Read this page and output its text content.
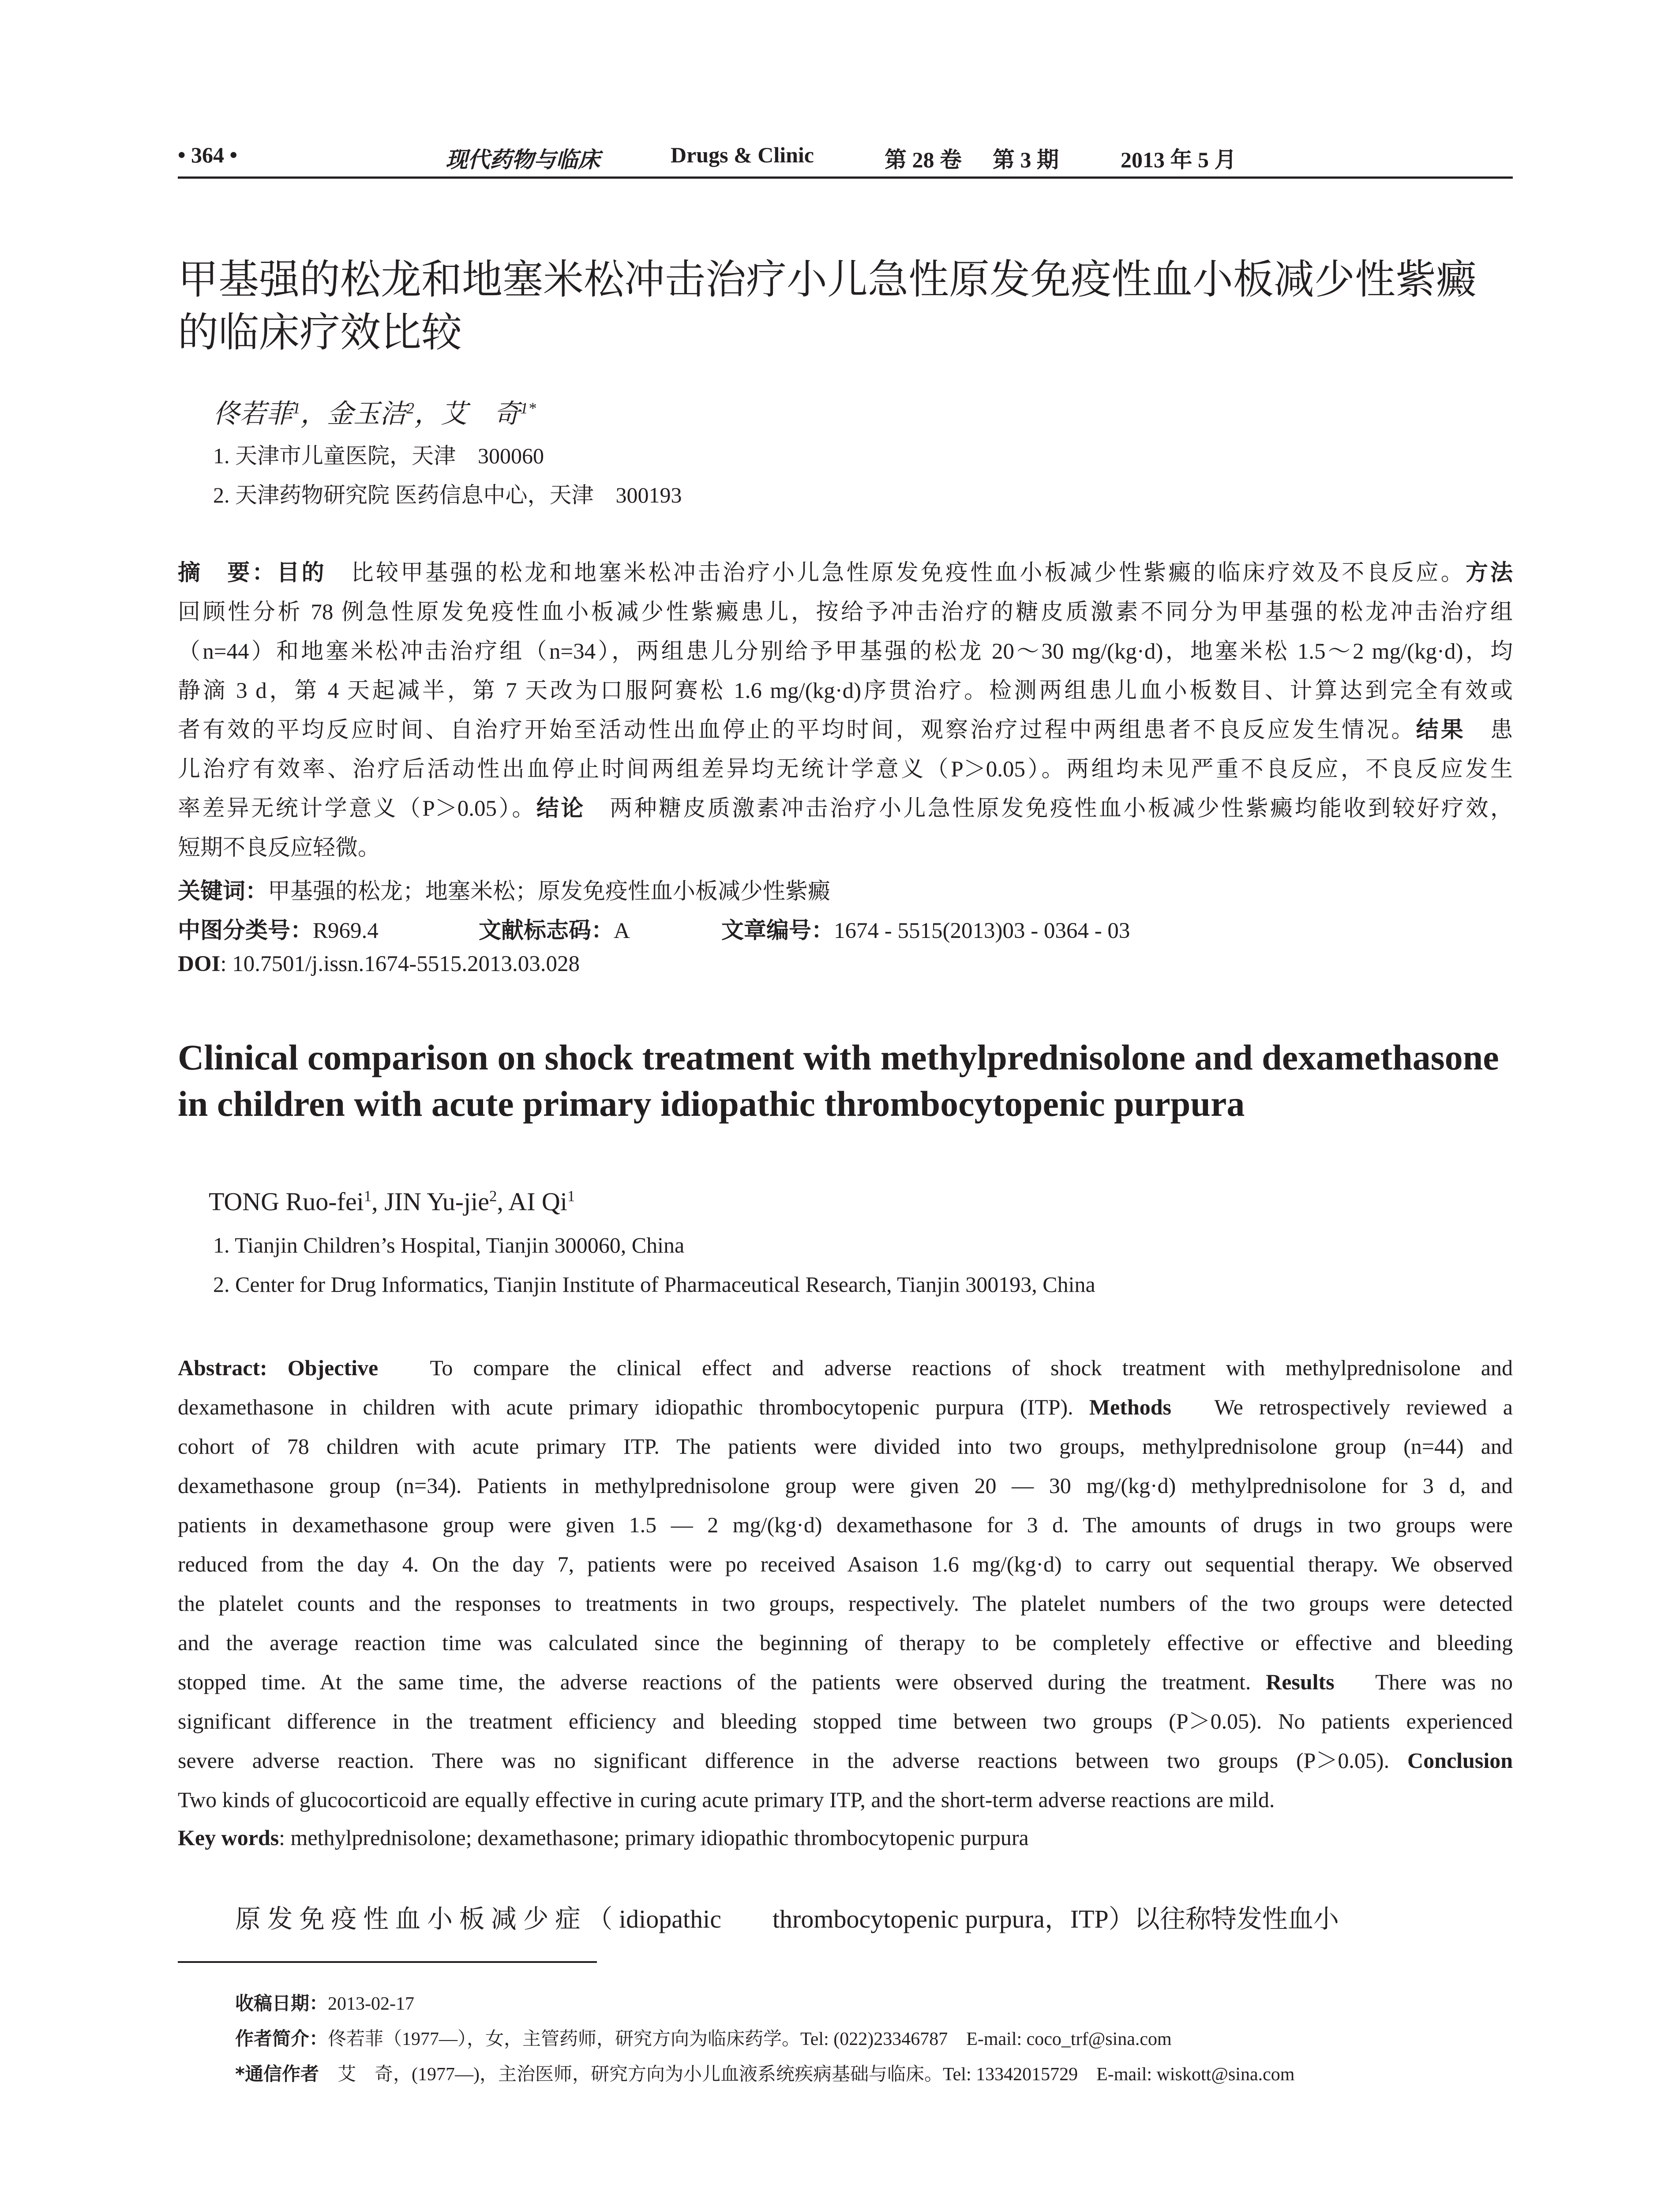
• 364 •	现代药物与临床	Drugs & Clinic	第 28 卷 第 3 期	2013 年 5 月
甲基强的松龙和地塞米松冲击治疗小儿急性原发免疫性血小板减少性紫癜
的临床疗效比较
佟若菲$^1$，金玉洁$^2$，艾　奇$^{1*}$
1. 天津市儿童医院，天津　300060
2. 天津药物研究院 医药信息中心，天津　300193
摘　要：目的　比较甲基强的松龙和地塞米松冲击治疗小儿急性原发免疫性血小板减少性紫癜的临床疗效及不良反应。方法
回顾性分析 78 例急性原发免疫性血小板减少性紫癜患儿，按给予冲击治疗的糖皮质激素不同分为甲基强的松龙冲击治疗组
（n=44）和地塞米松冲击治疗组（n=34），两组患儿分别给予甲基强的松龙 20～30 mg/(kg·d)，地塞米松 1.5～2 mg/(kg·d)，均
静滴 3 d，第 4 天起减半，第 7 天改为口服阿赛松 1.6 mg/(kg·d)序贯治疗。检测两组患儿血小板数目、计算达到完全有效或
者有效的平均反应时间、自治疗开始至活动性出血停止的平均时间，观察治疗过程中两组患者不良反应发生情况。结果　患
儿治疗有效率、治疗后活动性出血停止时间两组差异均无统计学意义（P＞0.05）。两组均未见严重不良反应，不良反应发生
率差异无统计学意义（P＞0.05）。结论　两种糖皮质激素冲击治疗小儿急性原发免疫性血小板减少性紫癜均能收到较好疗效，
短期不良反应轻微。
关键词：甲基强的松龙；地塞米松；原发免疫性血小板减少性紫癜
中图分类号：R969.4	文献标志码：A	文章编号：1674 - 5515(2013)03 - 0364 - 03
DOI: 10.7501/j.issn.1674-5515.2013.03.028
Clinical comparison on shock treatment with methylprednisolone and dexamethasone
in children with acute primary idiopathic thrombocytopenic purpura
TONG Ruo-fei$^1$, JIN Yu-jie$^2$, AI Qi$^1$
1. Tianjin Children’s Hospital, Tianjin 300060, China
2. Center for Drug Informatics, Tianjin Institute of Pharmaceutical Research, Tianjin 300193, China
Abstract: Objective　To compare the clinical effect and adverse reactions of shock treatment with methylprednisolone and
dexamethasone in children with acute primary idiopathic thrombocytopenic purpura (ITP). Methods　We retrospectively reviewed a
cohort of 78 children with acute primary ITP. The patients were divided into two groups, methylprednisolone group (n=44) and
dexamethasone group (n=34). Patients in methylprednisolone group were given 20 — 30 mg/(kg·d) methylprednisolone for 3 d, and
patients in dexamethasone group were given 1.5 — 2 mg/(kg·d) dexamethasone for 3 d. The amounts of drugs in two groups were
reduced from the day 4. On the day 7, patients were po received Asaison 1.6 mg/(kg·d) to carry out sequential therapy. We observed
the platelet counts and the responses to treatments in two groups, respectively. The platelet numbers of the two groups were detected
and the average reaction time was calculated since the beginning of therapy to be completely effective or effective and bleeding
stopped time. At the same time, the adverse reactions of the patients were observed during the treatment. Results　There was no
significant difference in the treatment efficiency and bleeding stopped time between two groups (P＞0.05). No patients experienced
severe adverse reaction. There was no significant difference in the adverse reactions between two groups (P＞0.05). Conclusion
Two kinds of glucocorticoid are equally effective in curing acute primary ITP, and the short-term adverse reactions are mild.
Key words: methylprednisolone; dexamethasone; primary idiopathic thrombocytopenic purpura
原 发 免 疫 性 血 小 板 减 少 症 （ idiopathic　　thrombocytopenic purpura，ITP）以往称特发性血小
收稿日期：2013-02-17
作者简介：佟若菲（1977—），女，主管药师，研究方向为临床药学。Tel: (022)23346787　E-mail: coco_trf@sina.com
*通信作者　艾　奇，(1977—)，主治医师，研究方向为小儿血液系统疾病基础与临床。Tel: 13342015729　E-mail: wiskott@sina.com
